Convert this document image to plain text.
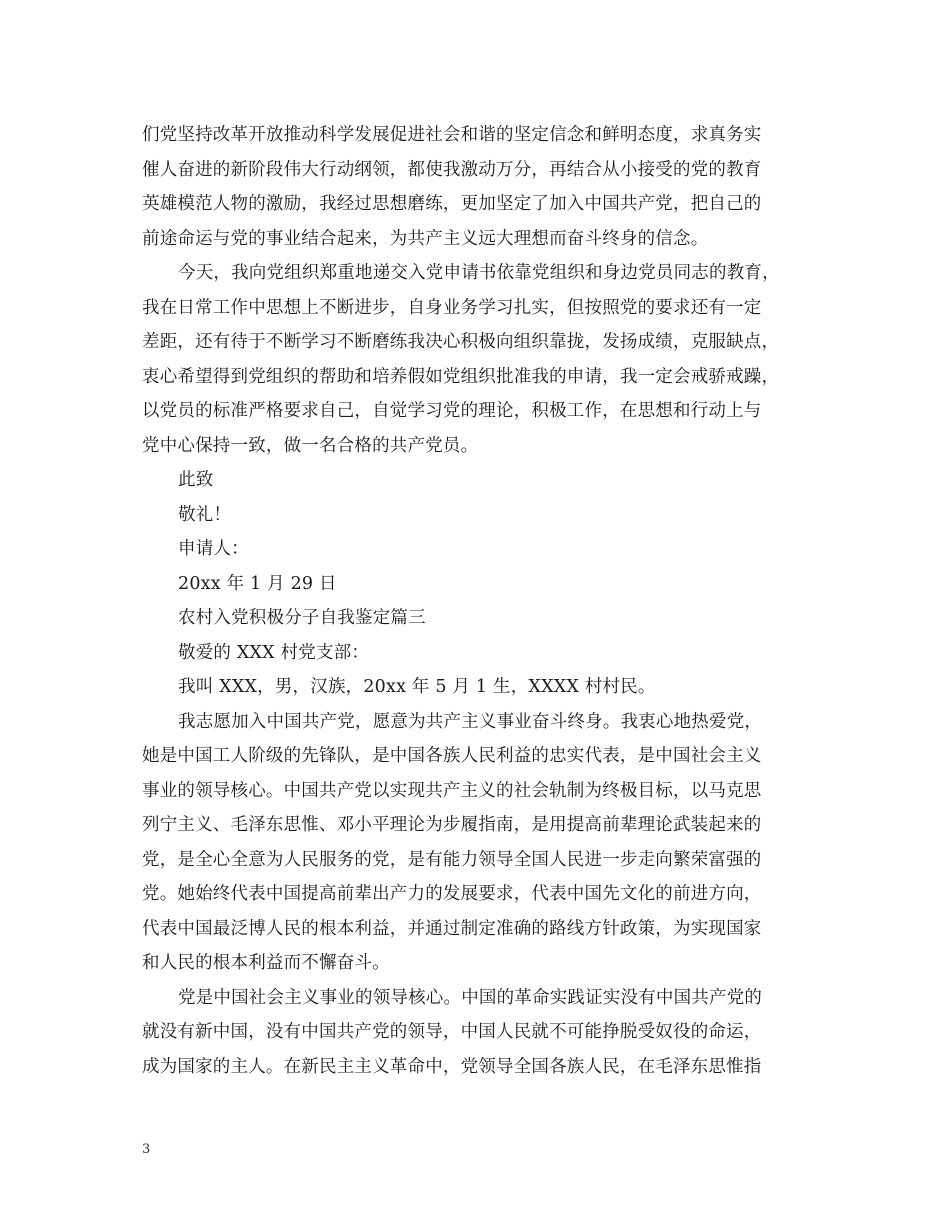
们党坚持改革开放推动科学发展促进社会和谐的坚定信念和鲜明态度，求真务实
催人奋进的新阶段伟大行动纲领，都使我激动万分，再结合从小接受的党的教育
英雄模范人物的激励，我经过思想磨练，更加坚定了加入中国共产党，把自己的
前途命运与党的事业结合起来，为共产主义远大理想而奋斗终身的信念。
今天，我向党组织郑重地递交入党申请书依靠党组织和身边党员同志的教育，
我在日常工作中思想上不断进步，自身业务学习扎实，但按照党的要求还有一定
差距，还有待于不断学习不断磨练我决心积极向组织靠拢，发扬成绩，克服缺点，
衷心希望得到党组织的帮助和培养假如党组织批准我的申请，我一定会戒骄戒躁，
以党员的标准严格要求自己，自觉学习党的理论，积极工作，在思想和行动上与
党中心保持一致，做一名合格的共产党员。
此致
敬礼！
申请人：
20xx 年 1 月 29 日
农村入党积极分子自我鉴定篇三
敬爱的 XXX 村党支部：
我叫 XXX，男，汉族，20xx 年 5 月 1 生，XXXX 村村民。
我志愿加入中国共产党，愿意为共产主义事业奋斗终身。我衷心地热爱党，
她是中国工人阶级的先锋队，是中国各族人民利益的忠实代表，是中国社会主义
事业的领导核心。中国共产党以实现共产主义的社会轨制为终极目标，以马克思
列宁主义、毛泽东思惟、邓小平理论为步履指南，是用提高前辈理论武装起来的
党，是全心全意为人民服务的党，是有能力领导全国人民进一步走向繁荣富强的
党。她始终代表中国提高前辈出产力的发展要求，代表中国先文化的前进方向，
代表中国最泛博人民的根本利益，并通过制定准确的路线方针政策，为实现国家
和人民的根本利益而不懈奋斗。
党是中国社会主义事业的领导核心。中国的革命实践证实没有中国共产党的
就没有新中国，没有中国共产党的领导，中国人民就不可能挣脱受奴役的命运，
成为国家的主人。在新民主主义革命中，党领导全国各族人民，在毛泽东思惟指

3
